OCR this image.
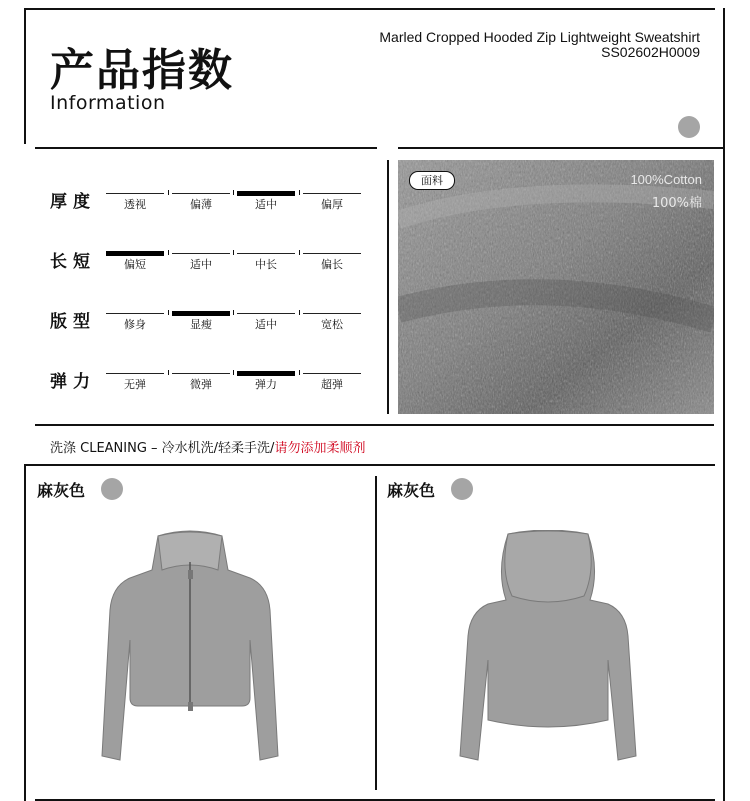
产品指数
Information
Marled Cropped Hooded Zip Lightweight Sweatshirt
SS02602H0009
厚度	透视	偏薄	适中	偏厚
长短	偏短	适中	中长	偏长
版型	修身	显瘦	适中	宽松
弹力	无弹	微弹	弹力	超弹
面料	100%Cotton
100%棉
洗涤 CLEANING – 冷水机洗/轻柔手洗/请勿添加柔顺剂
麻灰色	麻灰色
